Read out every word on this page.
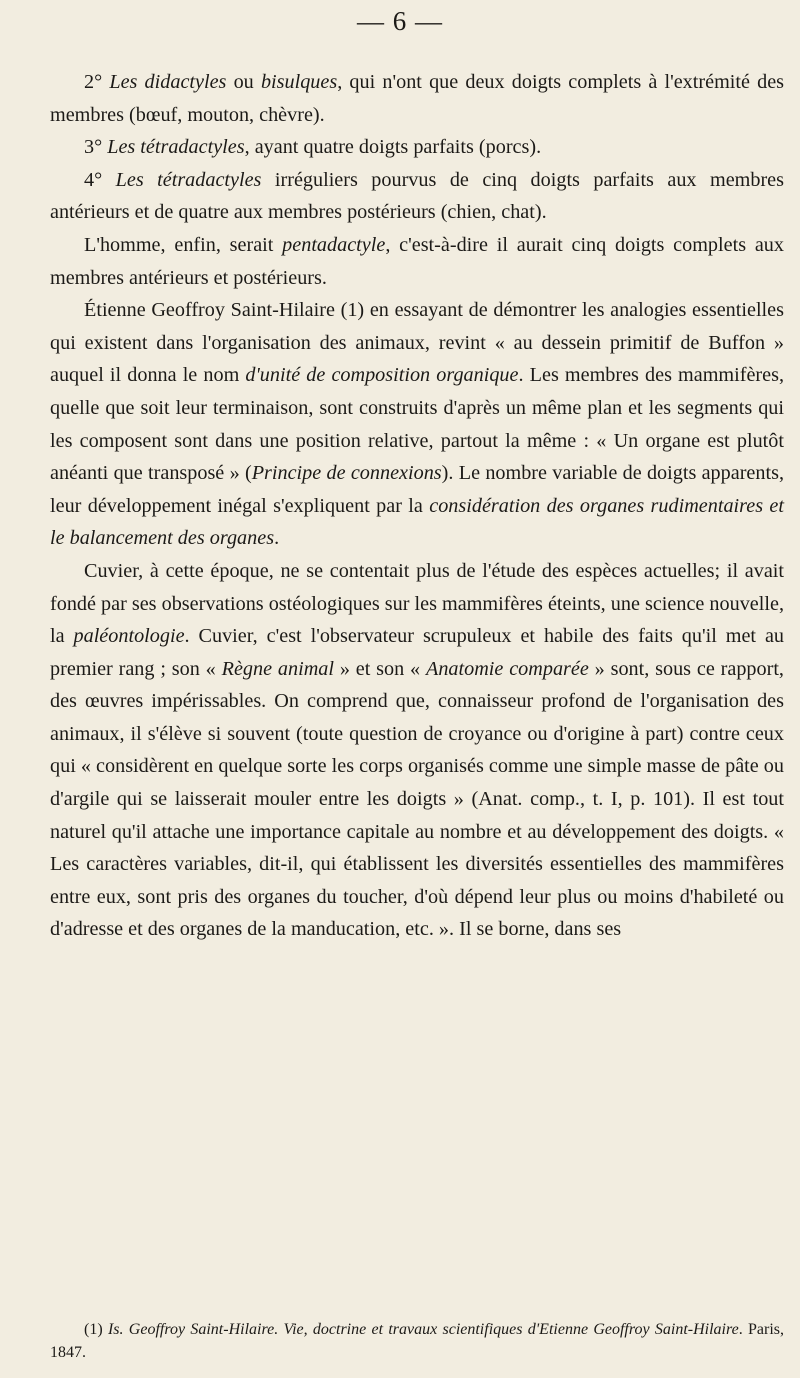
— 6 —

2° Les didactyles ou bisulques, qui n'ont que deux doigts complets à l'extrémité des membres (bœuf, mouton, chèvre).

3° Les tétradactyles, ayant quatre doigts parfaits (porcs).

4° Les tétradactyles irréguliers pourvus de cinq doigts parfaits aux membres antérieurs et de quatre aux membres postérieurs (chien, chat).

L'homme, enfin, serait pentadactyle, c'est-à-dire il aurait cinq doigts complets aux membres antérieurs et postérieurs.

Étienne Geoffroy Saint-Hilaire (1) en essayant de démontrer les analogies essentielles qui existent dans l'organisation des animaux, revint « au dessein primitif de Buffon » auquel il donna le nom d'unité de composition organique. Les membres des mammifères, quelle que soit leur terminaison, sont construits d'après un même plan et les segments qui les composent sont dans une position relative, partout la même : « Un organe est plutôt anéanti que transposé » (Principe de connexions). Le nombre variable de doigts apparents, leur développement inégal s'expliquent par la considération des organes rudimentaires et le balancement des organes.

Cuvier, à cette époque, ne se contentait plus de l'étude des espèces actuelles; il avait fondé par ses observations ostéologiques sur les mammifères éteints, une science nouvelle, la paléontologie. Cuvier, c'est l'observateur scrupuleux et habile des faits qu'il met au premier rang ; son « Règne animal » et son « Anatomie comparée » sont, sous ce rapport, des œuvres impérissables. On comprend que, connaisseur profond de l'organisation des animaux, il s'élève si souvent (toute question de croyance ou d'origine à part) contre ceux qui « considèrent en quelque sorte les corps organisés comme une simple masse de pâte ou d'argile qui se laisserait mouler entre les doigts » (Anat. comp., t. I, p. 101). Il est tout naturel qu'il attache une importance capitale au nombre et au développement des doigts. « Les caractères variables, dit-il, qui établissent les diversités essentielles des mammifères entre eux, sont pris des organes du toucher, d'où dépend leur plus ou moins d'habileté ou d'adresse et des organes de la manducation, etc. ». Il se borne, dans ses

(1) Is. Geoffroy Saint-Hilaire. Vie, doctrine et travaux scientifiques d'Etienne Geoffroy Saint-Hilaire. Paris, 1847.
